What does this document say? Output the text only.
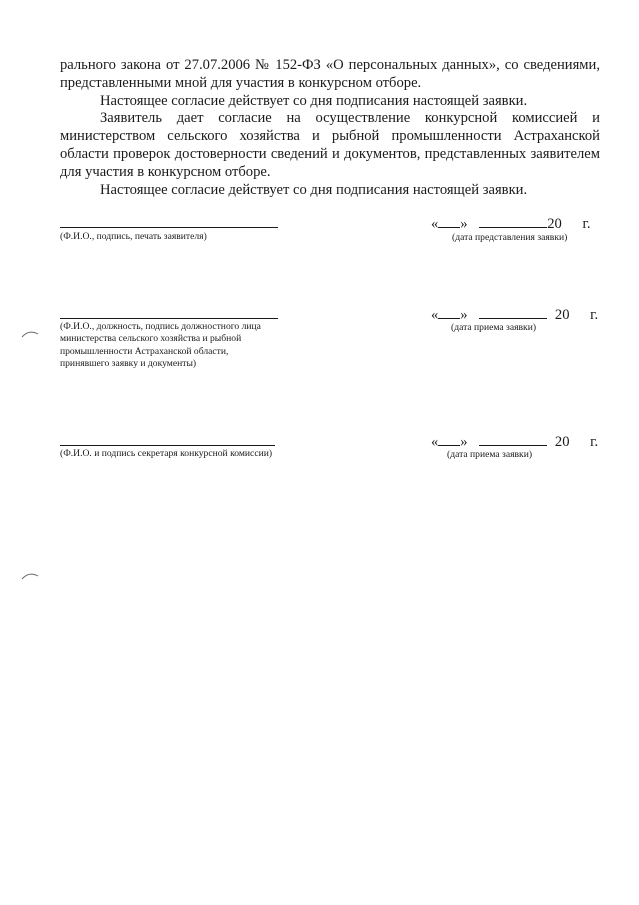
рального закона от 27.07.2006 № 152-ФЗ «О персональных данных», со сведениями, представленными мной для участия в конкурсном отборе.

Настоящее согласие действует со дня подписания настоящей заявки.

Заявитель дает согласие на осуществление конкурсной комиссией и министерством сельского хозяйства и рыбной промышленности Астраханской области проверок достоверности сведений и документов, представленных заявителем для участия в конкурсном отборе.

Настоящее согласие действует со дня подписания настоящей заявки.

(Ф.И.О., подпись, печать заявителя)
« »	20 г.
(дата представления заявки)
(Ф.И.О., должность, подпись должностного лица министерства сельского хозяйства и рыбной промышленности Астраханской области, принявшего заявку и документы)
« »	20 г.
(дата приема заявки)
(Ф.И.О. и подпись секретаря конкурсной комиссии)
« »	20 г.
(дата приема заявки)
